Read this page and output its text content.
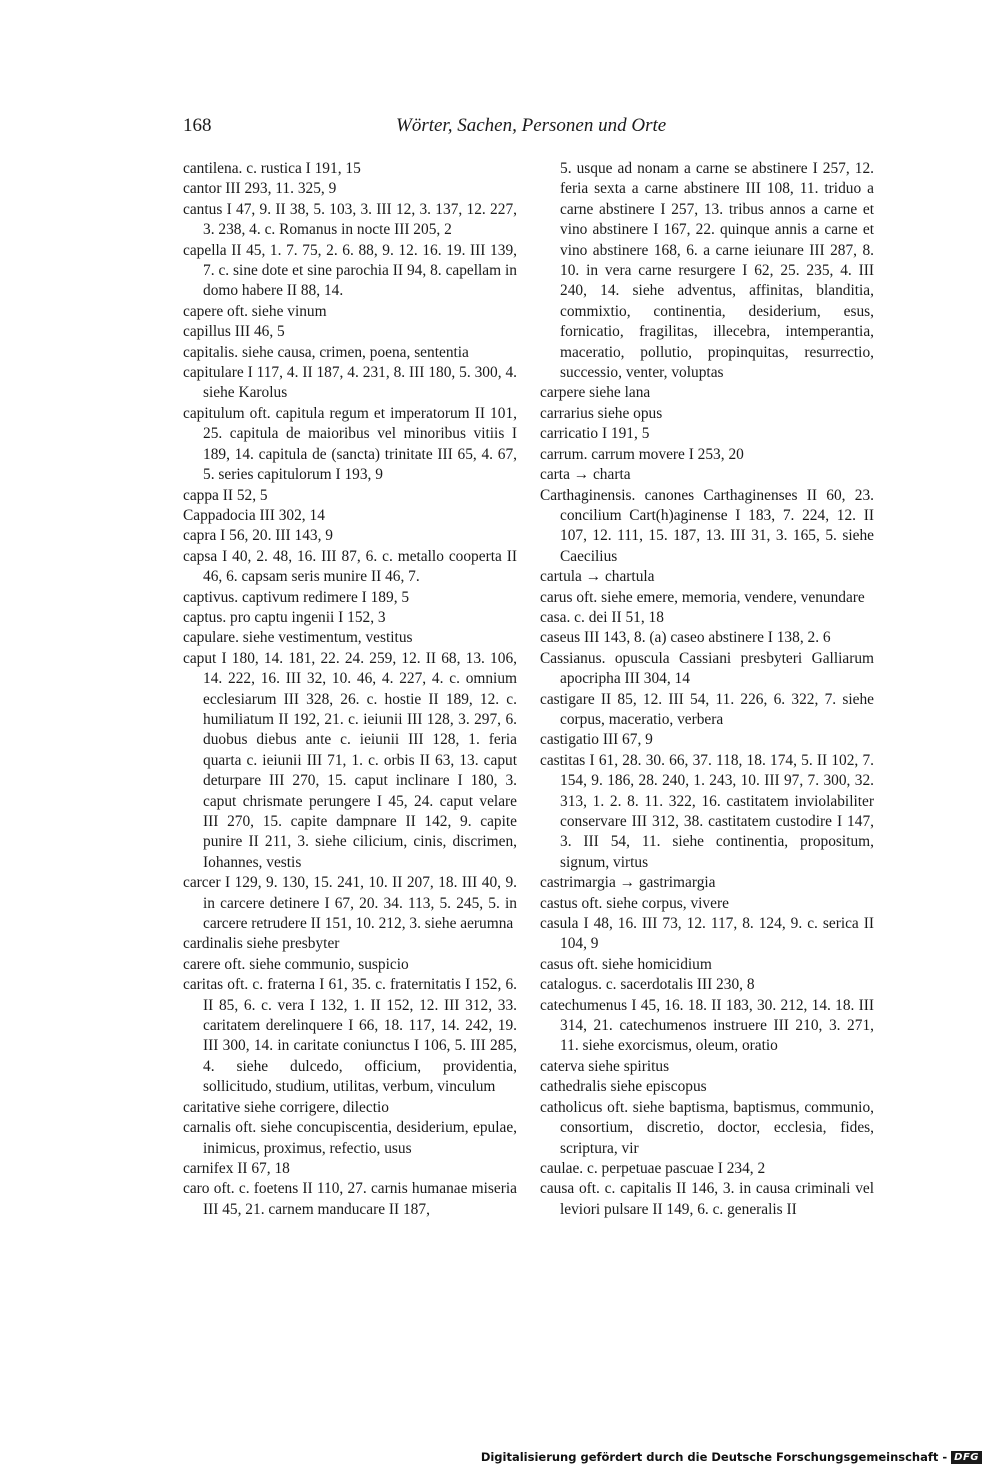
168	Wörter, Sachen, Personen und Orte
cantilena. c. rustica I 191, 15
cantor III 293, 11. 325, 9
cantus I 47, 9. II 38, 5. 103, 3. III 12, 3. 137, 12. 227, 3. 238, 4. c. Romanus in nocte III 205, 2
capella II 45, 1. 7. 75, 2. 6. 88, 9. 12. 16. 19. III 139, 7. c. sine dote et sine parochia II 94, 8. capellam in domo habere II 88, 14.
capere oft. siehe vinum
capillus III 46, 5
capitalis. siehe causa, crimen, poena, sententia
capitulare I 117, 4. II 187, 4. 231, 8. III 180, 5. 300, 4. siehe Karolus
capitulum oft. capitula regum et imperatorum II 101, 25. capitula de maioribus vel minoribus vitiis I 189, 14. capitula de (sancta) trinitate III 65, 4. 67, 5. series capitulorum I 193, 9
cappa II 52, 5
Cappadocia III 302, 14
capra I 56, 20. III 143, 9
capsa I 40, 2. 48, 16. III 87, 6. c. metallo cooperta II 46, 6. capsam seris munire II 46, 7.
captivus. captivum redimere I 189, 5
captus. pro captu ingenii I 152, 3
capulare. siehe vestimentum, vestitus
caput I 180, 14. 181, 22. 24. 259, 12. II 68, 13. 106, 14. 222, 16. III 32, 10. 46, 4. 227, 4. c. omnium ecclesiarum III 328, 26. c. hostie II 189, 12. c. humiliatum II 192, 21. c. ieiunii III 128, 3. 297, 6. duobus diebus ante c. ieiunii III 128, 1. feria quarta c. ieiunii III 71, 1. c. orbis II 63, 13. caput deturpare III 270, 15. caput inclinare I 180, 3. caput chrismate perungere I 45, 24. caput velare III 270, 15. capite dampnare II 142, 9. capite punire II 211, 3. siehe cilicium, cinis, discrimen, Iohannes, vestis
carcer I 129, 9. 130, 15. 241, 10. II 207, 18. III 40, 9. in carcere detinere I 67, 20. 34. 113, 5. 245, 5. in carcere retrudere II 151, 10. 212, 3. siehe aerumna
cardinalis siehe presbyter
carere oft. siehe communio, suspicio
caritas oft. c. fraterna I 61, 35. c. fraternitatis I 152, 6. II 85, 6. c. vera I 132, 1. II 152, 12. III 312, 33. caritatem derelinquere I 66, 18. 117, 14. 242, 19. III 300, 14. in caritate coniunctus I 106, 5. III 285, 4. siehe dulcedo, officium, providentia, sollicitudo, studium, utilitas, verbum, vinculum
caritative siehe corrigere, dilectio
carnalis oft. siehe concupiscentia, desiderium, epulae, inimicus, proximus, refectio, usus
carnifex II 67, 18
caro oft. c. foetens II 110, 27. carnis humanae miseria III 45, 21. carnem manducare II 187,
5. usque ad nonam a carne se abstinere I 257, 12. feria sexta a carne abstinere III 108, 11. triduo a carne abstinere I 257, 13. tribus annos a carne et vino abstinere I 167, 22. quinque annis a carne et vino abstinere 168, 6. a carne ieiunare III 287, 8. 10. in vera carne resurgere I 62, 25. 235, 4. III 240, 14. siehe adventus, affinitas, blanditia, commixtio, continentia, desiderium, esus, fornicatio, fragilitas, illecebra, intemperantia, maceratio, pollutio, propinquitas, resurrectio, successio, venter, voluptas
carpere siehe lana
carrarius siehe opus
carricatio I 191, 5
carrum. carrum movere I 253, 20
carta → charta
Carthaginensis. canones Carthaginenses II 60, 23. concilium Cart(h)aginense I 183, 7. 224, 12. II 107, 12. 111, 15. 187, 13. III 31, 3. 165, 5. siehe Caecilius
cartula → chartula
carus oft. siehe emere, memoria, vendere, venundare
casa. c. dei II 51, 18
caseus III 143, 8. (a) caseo abstinere I 138, 2. 6
Cassianus. opuscula Cassiani presbyteri Galliarum apocripha III 304, 14
castigare II 85, 12. III 54, 11. 226, 6. 322, 7. siehe corpus, maceratio, verbera
castigatio III 67, 9
castitas I 61, 28. 30. 66, 37. 118, 18. 174, 5. II 102, 7. 154, 9. 186, 28. 240, 1. 243, 10. III 97, 7. 300, 32. 313, 1. 2. 8. 11. 322, 16. castitatem inviolabiliter conservare III 312, 38. castitatem custodire I 147, 3. III 54, 11. siehe continentia, propositum, signum, virtus
castrimargia → gastrimargia
castus oft. siehe corpus, vivere
casula I 48, 16. III 73, 12. 117, 8. 124, 9. c. serica II 104, 9
casus oft. siehe homicidium
catalogus. c. sacerdotalis III 230, 8
catechumenus I 45, 16. 18. II 183, 30. 212, 14. 18. III 314, 21. catechumenos instruere III 210, 3. 271, 11. siehe exorcismus, oleum, oratio
caterva siehe spiritus
cathedralis siehe episcopus
catholicus oft. siehe baptisma, baptismus, communio, consortium, discretio, doctor, ecclesia, fides, scriptura, vir
caulae. c. perpetuae pascuae I 234, 2
causa oft. c. capitalis II 146, 3. in causa criminali vel leviori pulsare II 149, 6. c. generalis II
Digitalisierung gefördert durch die Deutsche Forschungsgemeinschaft - DFG
